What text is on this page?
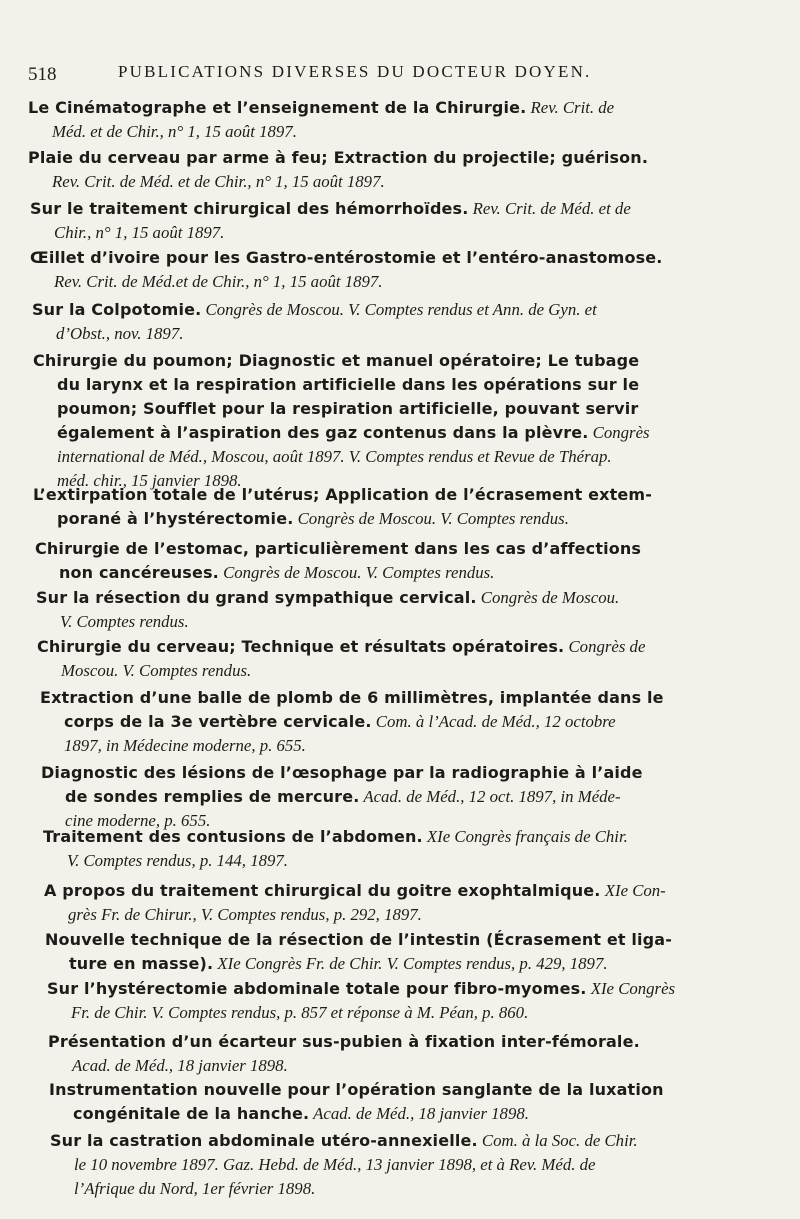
518	PUBLICATIONS DIVERSES DU DOCTEUR DOYEN.
Le Cinématographe et l’enseignement de la Chirurgie. Rev. Crit. de
Méd. et de Chir., n° 1, 15 août 1897.
Plaie du cerveau par arme à feu; Extraction du projectile; guérison.
Rev. Crit. de Méd. et de Chir., n° 1, 15 août 1897.
Sur le traitement chirurgical des hémorrhoïdes. Rev. Crit. de Méd. et de
Chir., n° 1, 15 août 1897.
Œillet d’ivoire pour les Gastro-entérostomie et l’entéro-anastomose.
Rev. Crit. de Méd.et de Chir., n° 1, 15 août 1897.
Sur la Colpotomie. Congrès de Moscou. V. Comptes rendus et Ann. de Gyn. et
d’Obst., nov. 1897.
Chirurgie du poumon; Diagnostic et manuel opératoire; Le tubage
du larynx et la respiration artificielle dans les opérations sur le
poumon; Soufflet pour la respiration artificielle, pouvant servir
également à l’aspiration des gaz contenus dans la plèvre. Congrès
international de Méd., Moscou, août 1897. V. Comptes rendus et Revue de Thérap.
méd. chir., 15 janvier 1898.
L’extirpation totale de l’utérus; Application de l’écrasement extem-
porané à l’hystérectomie. Congrès de Moscou. V. Comptes rendus.
Chirurgie de l’estomac, particulièrement dans les cas d’affections
non cancéreuses. Congrès de Moscou. V. Comptes rendus.
Sur la résection du grand sympathique cervical. Congrès de Moscou.
V. Comptes rendus.
Chirurgie du cerveau; Technique et résultats opératoires. Congrès de
Moscou. V. Comptes rendus.
Extraction d’une balle de plomb de 6 millimètres, implantée dans le
corps de la 3e vertèbre cervicale. Com. à l’Acad. de Méd., 12 octobre
1897, in Médecine moderne, p. 655.
Diagnostic des lésions de l’œsophage par la radiographie à l’aide
de sondes remplies de mercure. Acad. de Méd., 12 oct. 1897, in Méde-
cine moderne, p. 655.
Traitement des contusions de l’abdomen. XIe Congrès français de Chir.
V. Comptes rendus, p. 144, 1897.
A propos du traitement chirurgical du goitre exophtalmique. XIe Con-
grès Fr. de Chirur., V. Comptes rendus, p. 292, 1897.
Nouvelle technique de la résection de l’intestin (Écrasement et liga-
ture en masse). XIe Congrès Fr. de Chir. V. Comptes rendus, p. 429, 1897.
Sur l’hystérectomie abdominale totale pour fibro-myomes. XIe Congrès
Fr. de Chir. V. Comptes rendus, p. 857 et réponse à M. Péan, p. 860.
Présentation d’un écarteur sus-pubien à fixation inter-fémorale.
Acad. de Méd., 18 janvier 1898.
Instrumentation nouvelle pour l’opération sanglante de la luxation
congénitale de la hanche. Acad. de Méd., 18 janvier 1898.
Sur la castration abdominale utéro-annexielle. Com. à la Soc. de Chir.
le 10 novembre 1897. Gaz. Hebd. de Méd., 13 janvier 1898, et à Rev. Méd. de
l’Afrique du Nord, 1er février 1898.
